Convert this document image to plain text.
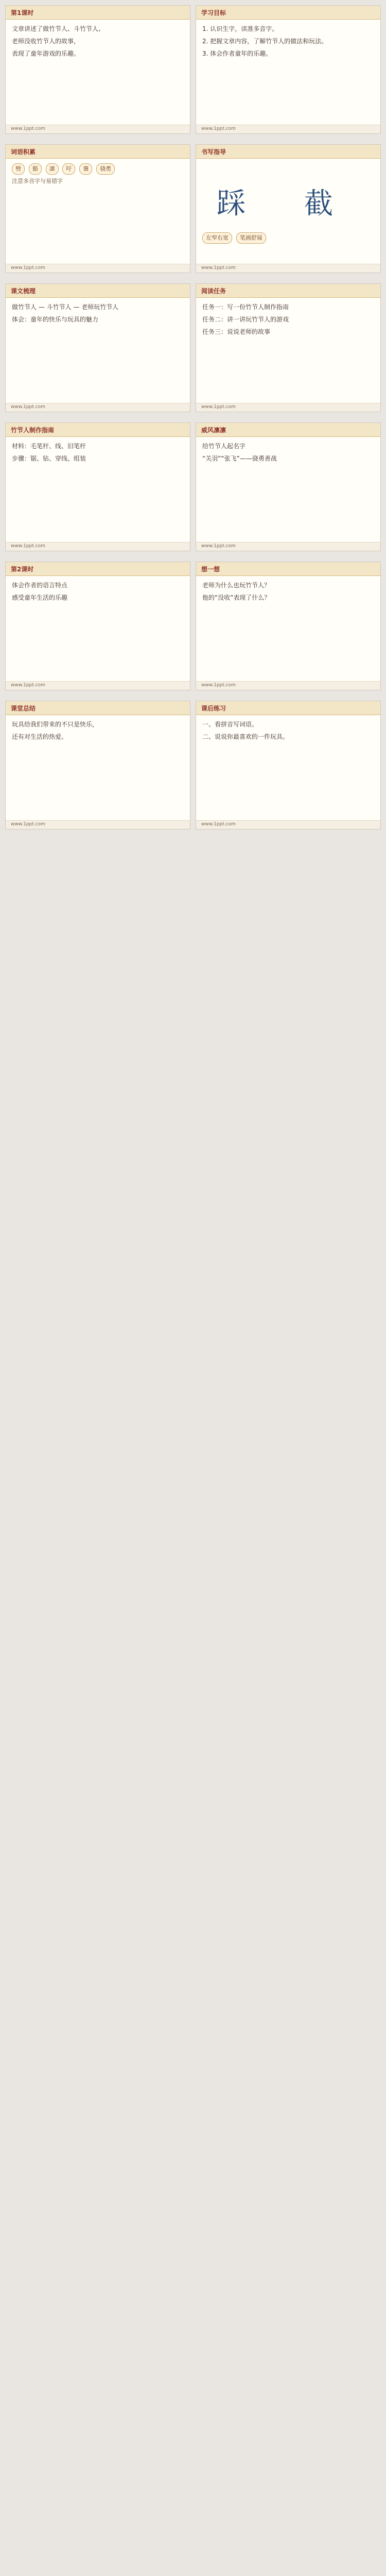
第1课时

文章讲述了做竹节人、斗竹节人、

老师没收竹节人的故事，

表现了童年游戏的乐趣。

www.1ppt.com
学习目标

1. 认识生字，读准多音字。

2. 把握文章内容，了解竹节人的做法和玩法。

3. 体会作者童年的乐趣。

www.1ppt.com
词语积累
劈 豁 凛 吁 褒 骁勇

注意多音字与易错字

www.1ppt.com
书写指导
踩 截
左窄右宽 笔画舒展
www.1ppt.com
课文梳理

做竹节人 — 斗竹节人 — 老师玩竹节人

体会：童年的快乐与玩具的魅力

www.1ppt.com
阅读任务

任务一：写一份竹节人制作指南

任务二：讲一讲玩竹节人的游戏

任务三：说说老师的故事

www.1ppt.com
竹节人制作指南

材料：毛笔杆、线、旧笔杆

步骤：锯、钻、穿线、组装

www.1ppt.com
威风凛凛

给竹节人起名字

“关羽”“张飞”——骁勇善战

www.1ppt.com
第2课时

体会作者的语言特点

感受童年生活的乐趣

www.1ppt.com
想一想

老师为什么也玩竹节人？

他的“没收”表现了什么？

www.1ppt.com
课堂总结

玩具给我们带来的不只是快乐，

还有对生活的热爱。

www.1ppt.com
课后练习

一、看拼音写词语。

二、说说你最喜欢的一件玩具。

www.1ppt.com
